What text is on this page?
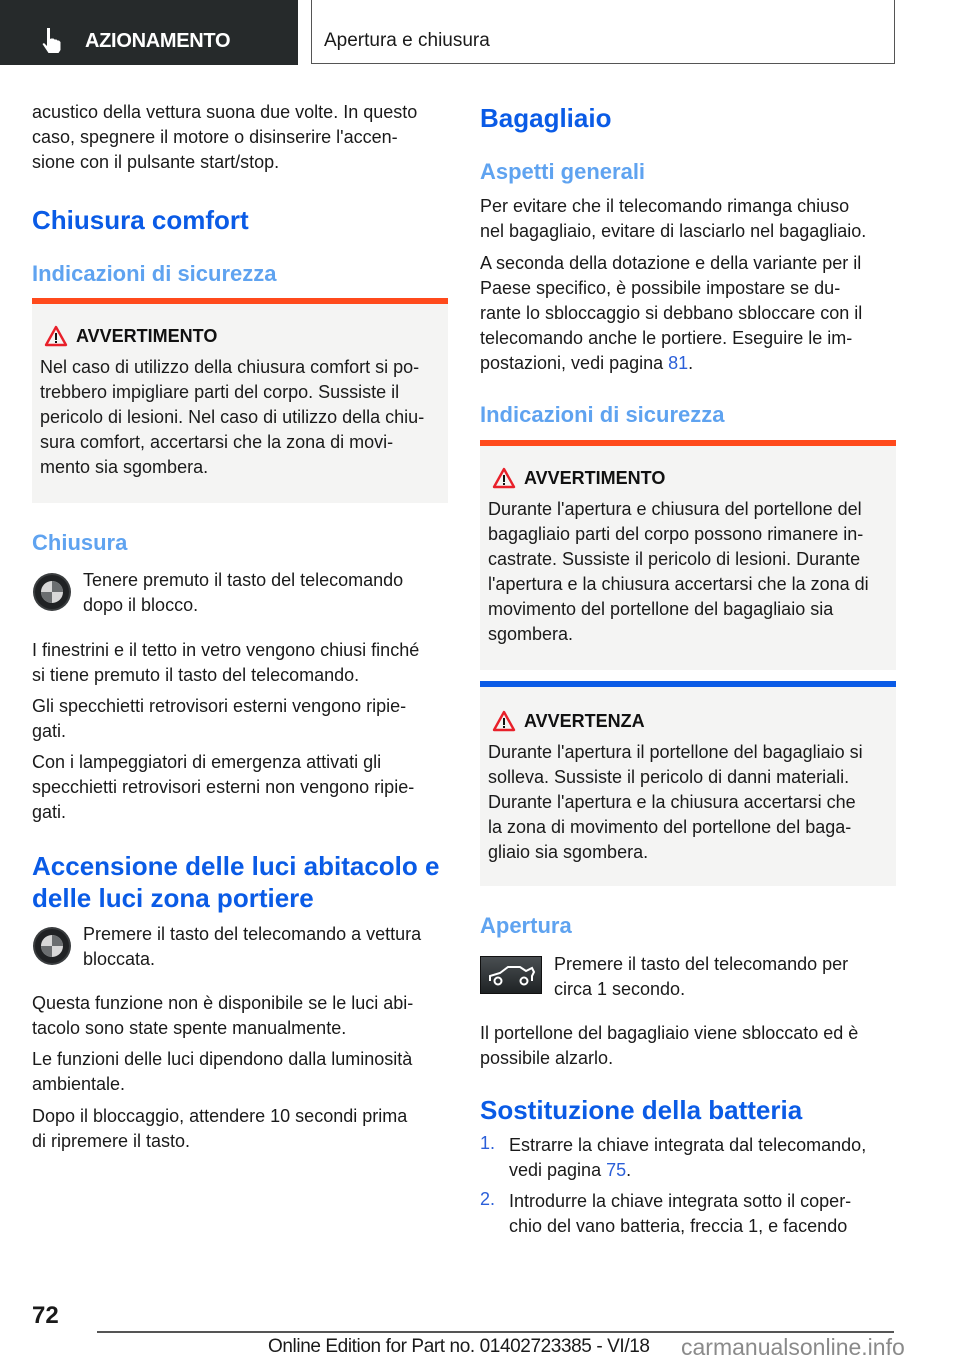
AZIONAMENTO	Apertura e chiusura
acustico della vettura suona due volte. In questo
caso, spegnere il motore o disinserire l'accen-
sione con il pulsante start/stop.
Chiusura comfort
Indicazioni di sicurezza
AVVERTIMENTO
Nel caso di utilizzo della chiusura comfort si po-
trebbero impigliare parti del corpo. Sussiste il
pericolo di lesioni. Nel caso di utilizzo della chiu-
sura comfort, accertarsi che la zona di movi-
mento sia sgombera.
Chiusura
Tenere premuto il tasto del telecomando
dopo il blocco.
I finestrini e il tetto in vetro vengono chiusi finché
si tiene premuto il tasto del telecomando.
Gli specchietti retrovisori esterni vengono ripie-
gati.
Con i lampeggiatori di emergenza attivati gli
specchietti retrovisori esterni non vengono ripie-
gati.
Accensione delle luci abitacolo e
delle luci zona portiere
Premere il tasto del telecomando a vettura
bloccata.
Questa funzione non è disponibile se le luci abi-
tacolo sono state spente manualmente.
Le funzioni delle luci dipendono dalla luminosità
ambientale.
Dopo il bloccaggio, attendere 10 secondi prima
di ripremere il tasto.
Bagagliaio
Aspetti generali
Per evitare che il telecomando rimanga chiuso
nel bagagliaio, evitare di lasciarlo nel bagagliaio.
A seconda della dotazione e della variante per il
Paese specifico, è possibile impostare se du-
rante lo sbloccaggio si debbano sbloccare con il
telecomando anche le portiere. Eseguire le im-
postazioni, vedi pagina 81.
Indicazioni di sicurezza
AVVERTIMENTO
Durante l'apertura e chiusura del portellone del
bagagliaio parti del corpo possono rimanere in-
castrate. Sussiste il pericolo di lesioni. Durante
l'apertura e la chiusura accertarsi che la zona di
movimento del portellone del bagagliaio sia
sgombera.
AVVERTENZA
Durante l'apertura il portellone del bagagliaio si
solleva. Sussiste il pericolo di danni materiali.
Durante l'apertura e la chiusura accertarsi che
la zona di movimento del portellone del baga-
gliaio sia sgombera.
Apertura
Premere il tasto del telecomando per
circa 1 secondo.
Il portellone del bagagliaio viene sbloccato ed è
possibile alzarlo.
Sostituzione della batteria
1. Estrarre la chiave integrata dal telecomando,
vedi pagina 75.
2. Introdurre la chiave integrata sotto il coper-
chio del vano batteria, freccia 1, e facendo
72
Online Edition for Part no. 01402723385 - VI/18 carmanualsonline.info
